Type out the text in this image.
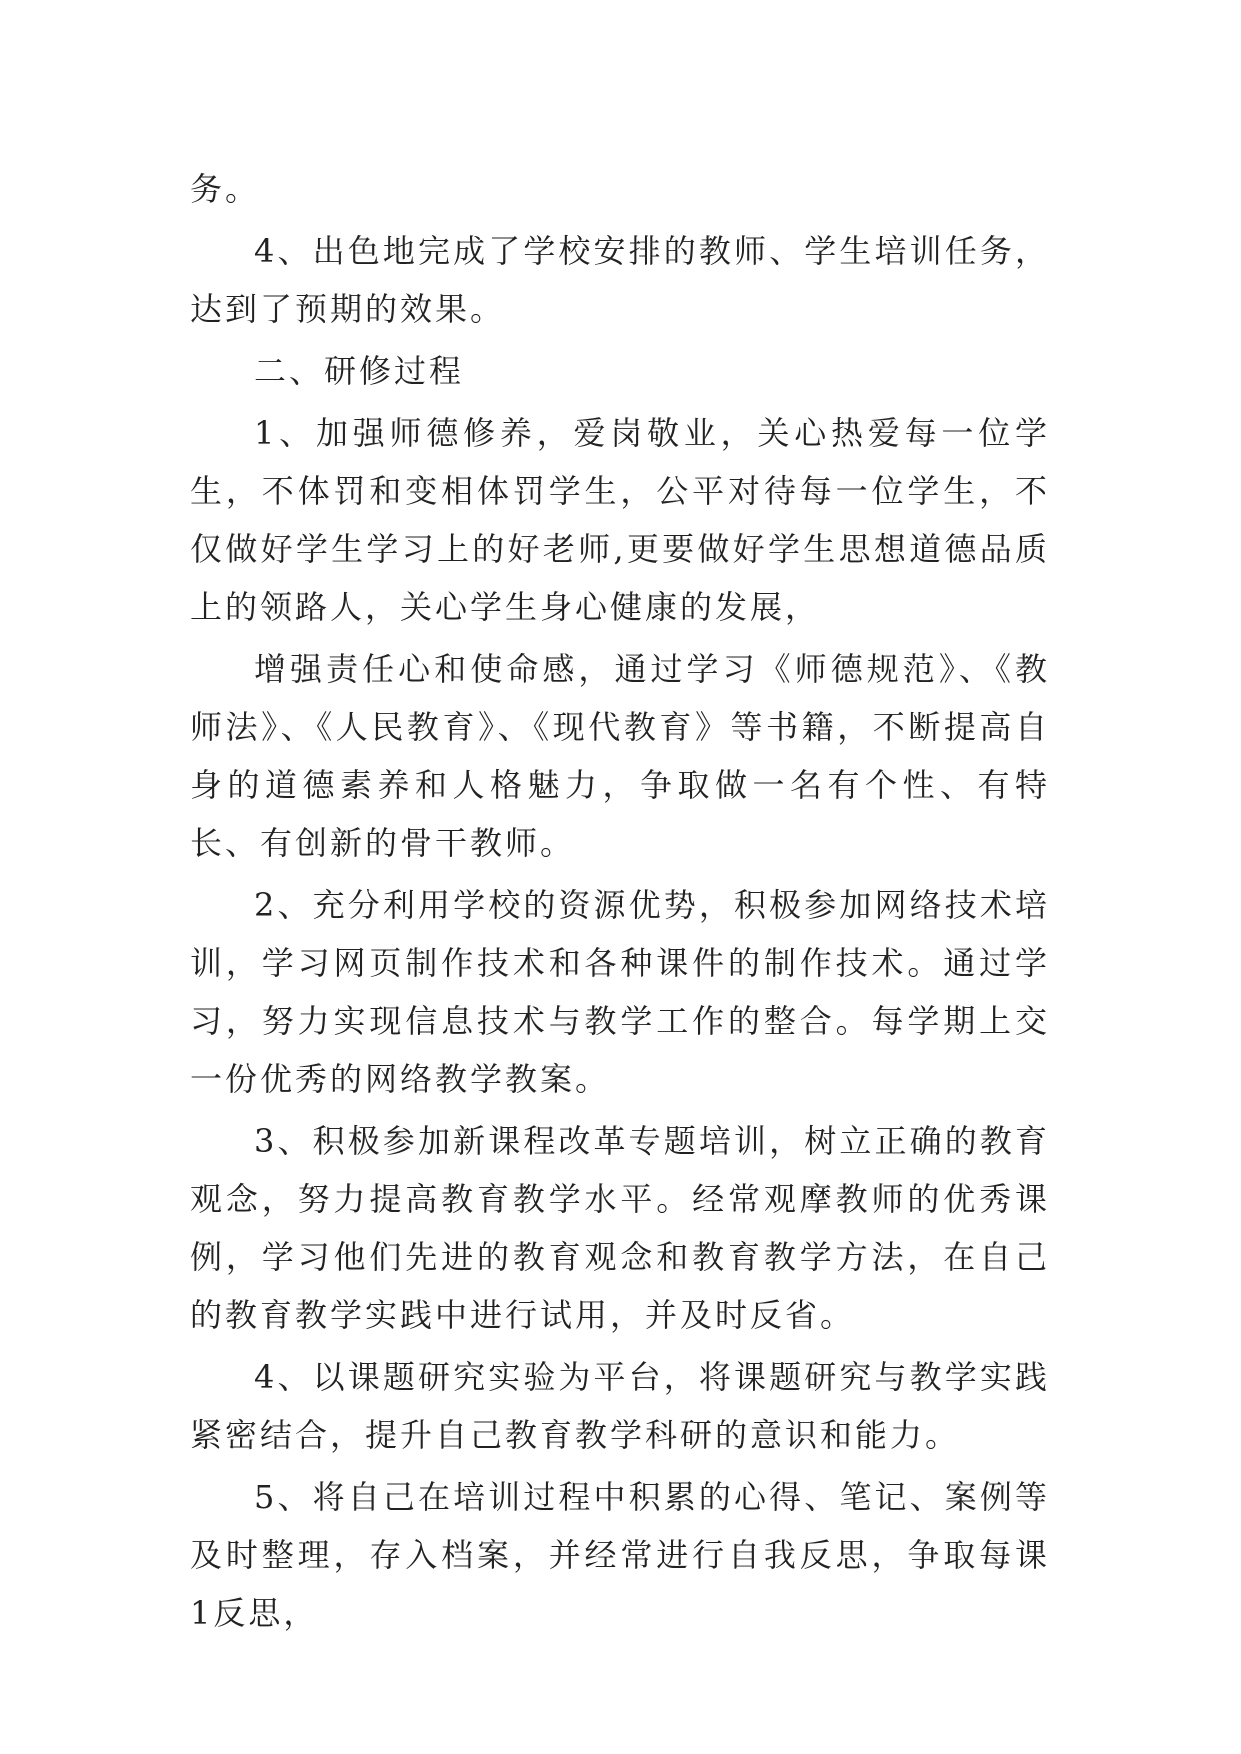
务。

4、出色地完成了学校安排的教师、学生培训任务，达到了预期的效果。

二、研修过程

1、加强师德修养，爱岗敬业，关心热爱每一位学生，不体罚和变相体罚学生，公平对待每一位学生，不仅做好学生学习上的好老师,更要做好学生思想道德品质上的领路人，关心学生身心健康的发展，

增强责任心和使命感，通过学习《师德规范》、《教师法》、《人民教育》、《现代教育》等书籍，不断提高自身的道德素养和人格魅力，争取做一名有个性、有特长、有创新的骨干教师。

2、充分利用学校的资源优势，积极参加网络技术培训，学习网页制作技术和各种课件的制作技术。通过学习，努力实现信息技术与教学工作的整合。每学期上交一份优秀的网络教学教案。

3、积极参加新课程改革专题培训，树立正确的教育观念，努力提高教育教学水平。经常观摩教师的优秀课例，学习他们先进的教育观念和教育教学方法，在自己的教育教学实践中进行试用，并及时反省。

4、以课题研究实验为平台，将课题研究与教学实践紧密结合，提升自己教育教学科研的意识和能力。

5、将自己在培训过程中积累的心得、笔记、案例等及时整理，存入档案，并经常进行自我反思，争取每课1反思，
